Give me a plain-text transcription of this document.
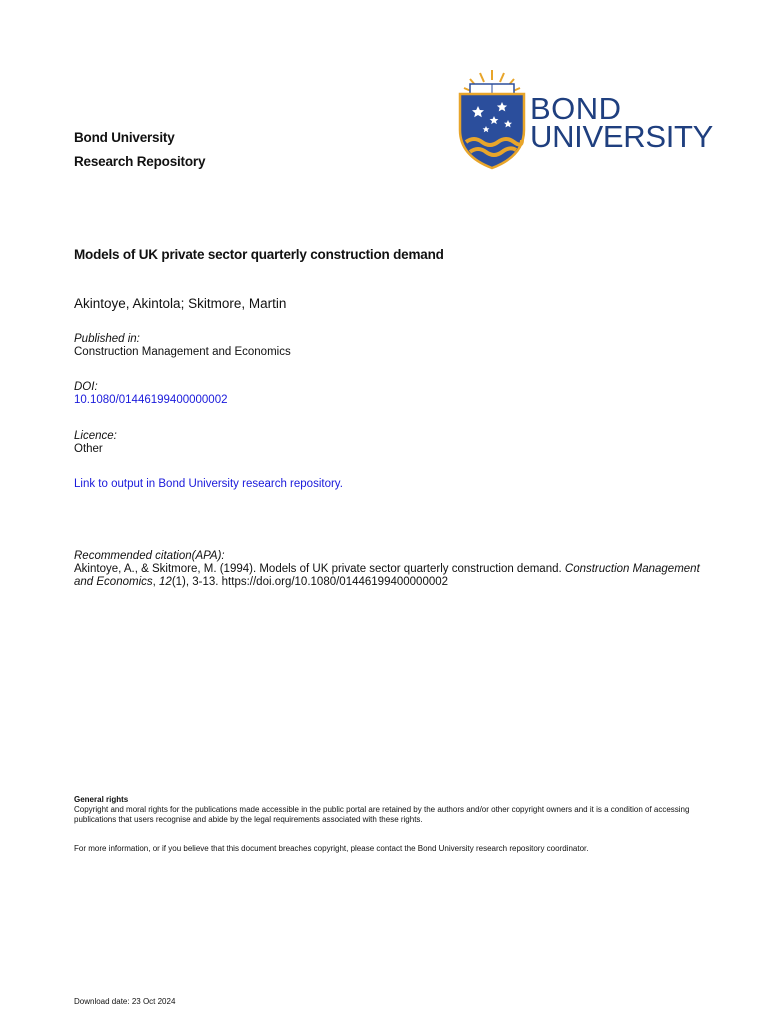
Bond University
Research Repository
BOND
UNIVERSITY
Models of UK private sector quarterly construction demand
Akintoye, Akintola; Skitmore, Martin
Published in:
Construction Management and Economics
DOI:
10.1080/01446199400000002
Licence:
Other
Link to output in Bond University research repository.
Recommended citation(APA):
Akintoye, A., & Skitmore, M. (1994). Models of UK private sector quarterly construction demand. Construction Management and Economics, 12(1), 3-13. https://doi.org/10.1080/01446199400000002
General rights
Copyright and moral rights for the publications made accessible in the public portal are retained by the authors and/or other copyright owners and it is a condition of accessing publications that users recognise and abide by the legal requirements associated with these rights.
For more information, or if you believe that this document breaches copyright, please contact the Bond University research repository coordinator.
Download date: 23 Oct 2024
